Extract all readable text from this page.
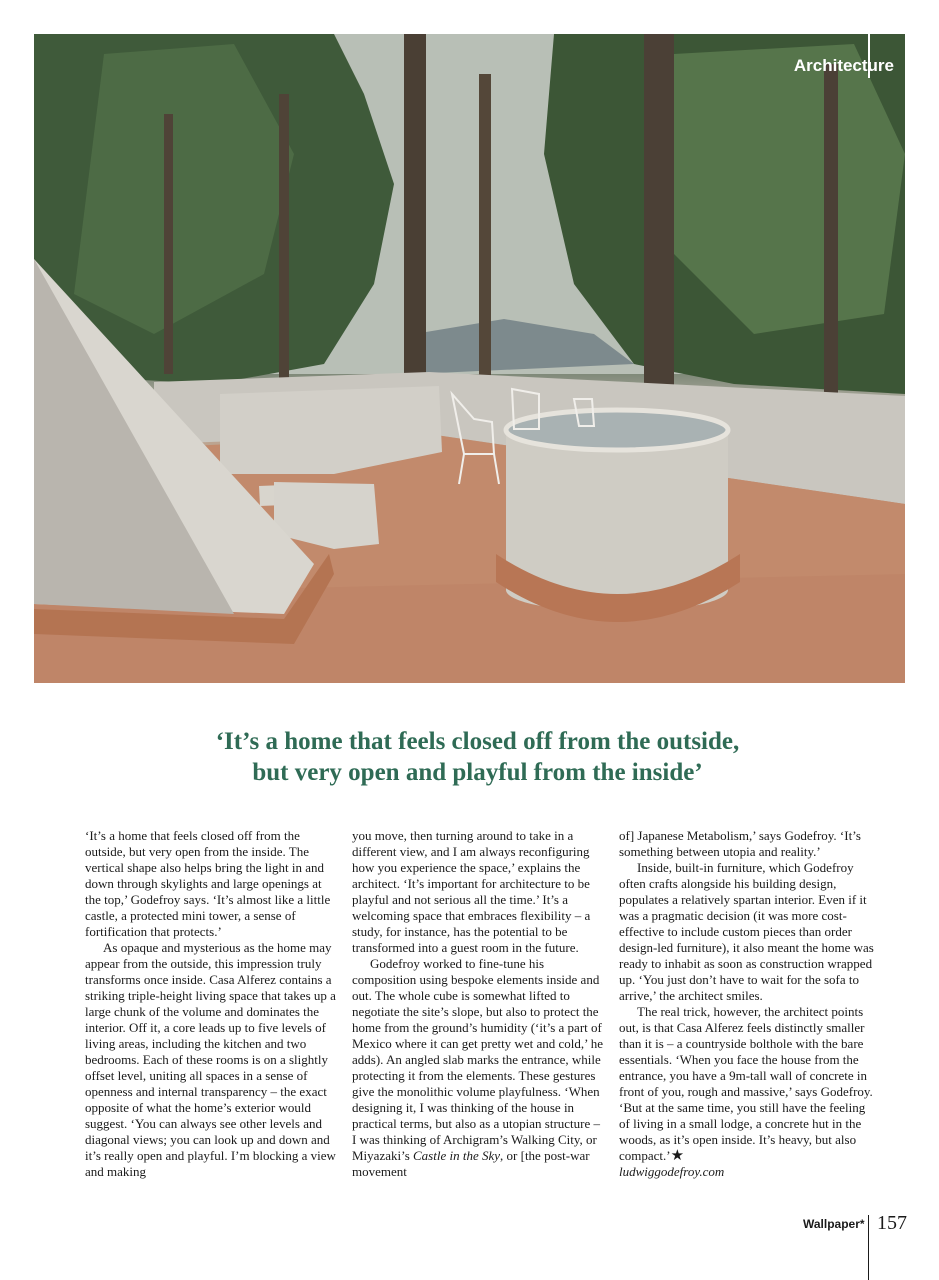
Architecture
‘It’s a home that feels closed off from the outside,
but very open and playful from the inside’

‘It’s a home that feels closed off from the outside, but very open from the inside. The vertical shape also helps bring the light in and down through skylights and large openings at the top,’ Godefroy says. ‘It’s almost like a little castle, a protected mini tower, a sense of fortification that protects.’

As opaque and mysterious as the home may appear from the outside, this impression truly transforms once inside. Casa Alferez contains a striking triple-height living space that takes up a large chunk of the volume and dominates the interior. Off it, a core leads up to five levels of living areas, including the kitchen and two bedrooms. Each of these rooms is on a slightly offset level, uniting all spaces in a sense of openness and internal transparency – the exact opposite of what the home’s exterior would suggest. ‘You can always see other levels and diagonal views; you can look up and down and it’s really open and playful. I’m blocking a view and making

you move, then turning around to take in a different view, and I am always reconfiguring how you experience the space,’ explains the architect. ‘It’s important for architecture to be playful and not serious all the time.’ It’s a welcoming space that embraces flexibility – a study, for instance, has the potential to be transformed into a guest room in the future.

Godefroy worked to fine-tune his composition using bespoke elements inside and out. The whole cube is somewhat lifted to negotiate the site’s slope, but also to protect the home from the ground’s humidity (‘it’s a part of Mexico where it can get pretty wet and cold,’ he adds). An angled slab marks the entrance, while protecting it from the elements. These gestures give the monolithic volume playfulness. ‘When designing it, I was thinking of the house in practical terms, but also as a utopian structure – I was thinking of Archigram’s Walking City, or Miyazaki’s Castle in the Sky, or [the post-war movement

of] Japanese Metabolism,’ says Godefroy. ‘It’s something between utopia and reality.’

Inside, built-in furniture, which Godefroy often crafts alongside his building design, populates a relatively spartan interior. Even if it was a pragmatic decision (it was more cost-effective to include custom pieces than order design-led furniture), it also meant the home was ready to inhabit as soon as construction wrapped up. ‘You just don’t have to wait for the sofa to arrive,’ the architect smiles.

The real trick, however, the architect points out, is that Casa Alferez feels distinctly smaller than it is – a countryside bolthole with the bare essentials. ‘When you face the house from the entrance, you have a 9m-tall wall of concrete in front of you, rough and massive,’ says Godefroy. ‘But at the same time, you still have the feeling of living in a small lodge, a concrete hut in the woods, as it’s open inside. It’s heavy, but also compact.’★

ludwiggodefroy.com

Wallpaper* 157
